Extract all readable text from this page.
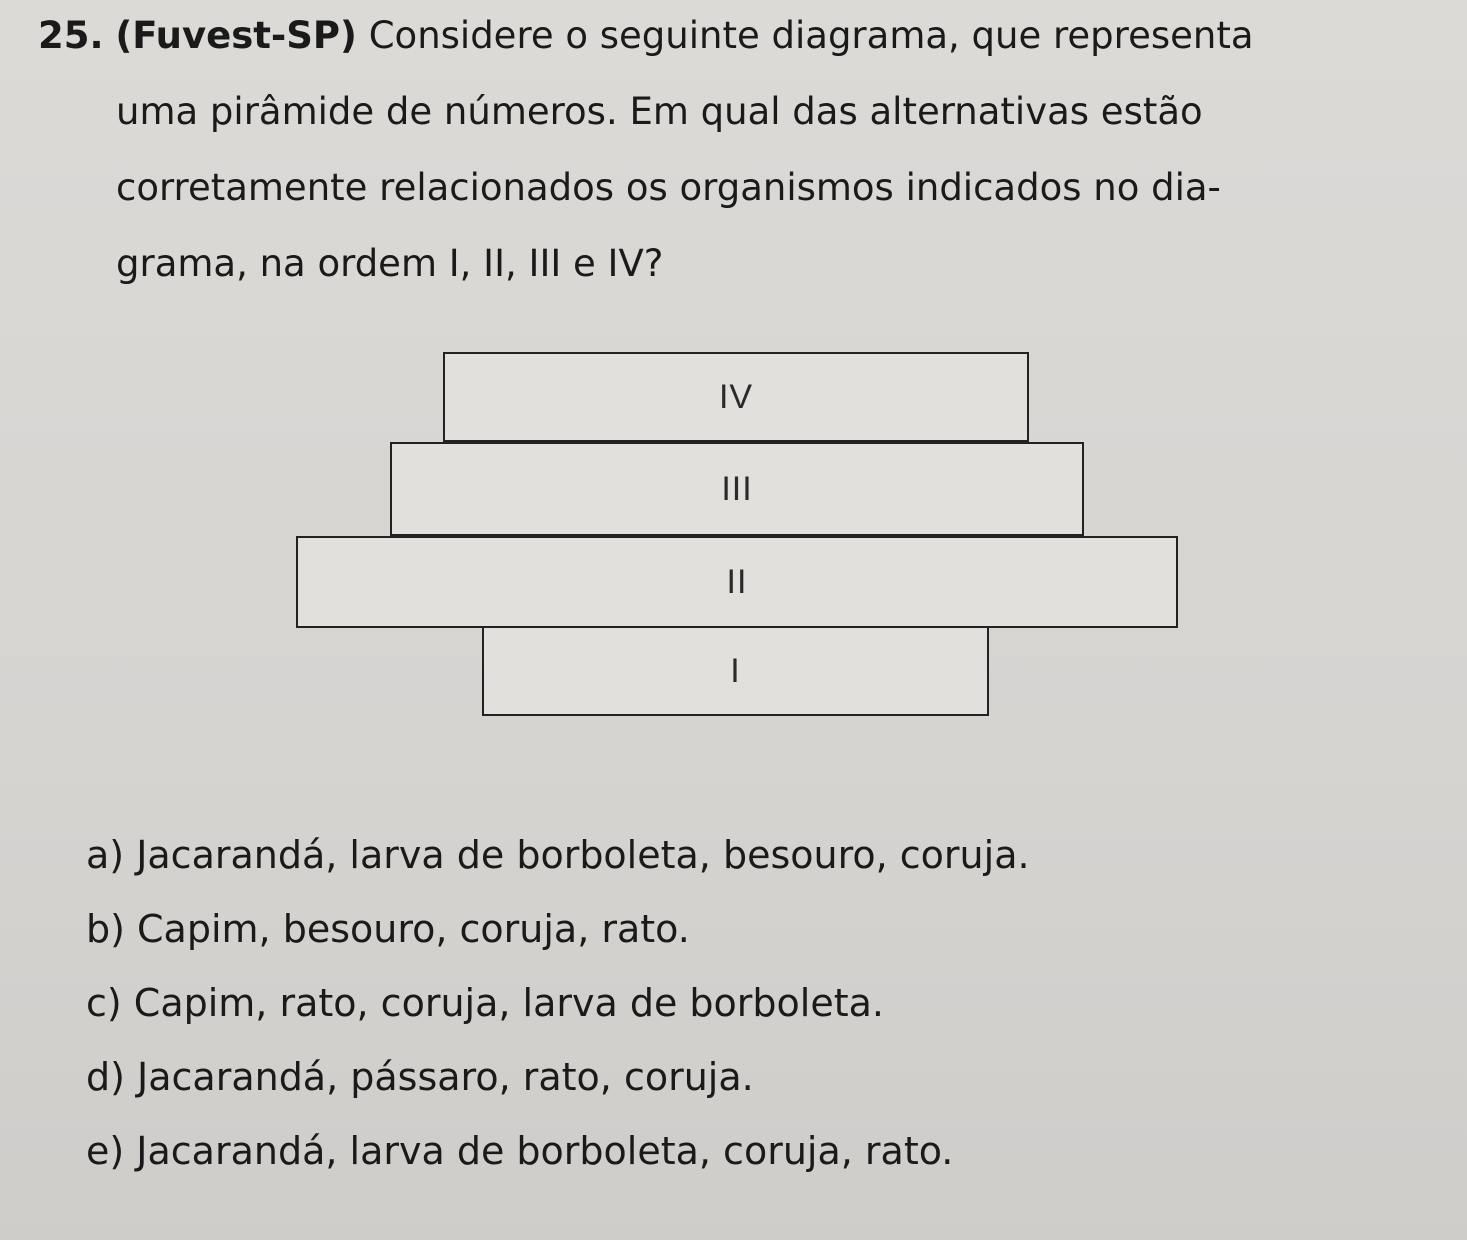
25. (Fuvest-SP) Considere o seguinte diagrama, que representa
uma pirâmide de números. Em qual das alternativas estão
corretamente relacionados os organismos indicados no dia-
grama, na ordem I, II, III e IV?
IV
III
II
I
a) Jacarandá, larva de borboleta, besouro, coruja.
b) Capim, besouro, coruja, rato.
c) Capim, rato, coruja, larva de borboleta.
d) Jacarandá, pássaro, rato, coruja.
e) Jacarandá, larva de borboleta, coruja, rato.
